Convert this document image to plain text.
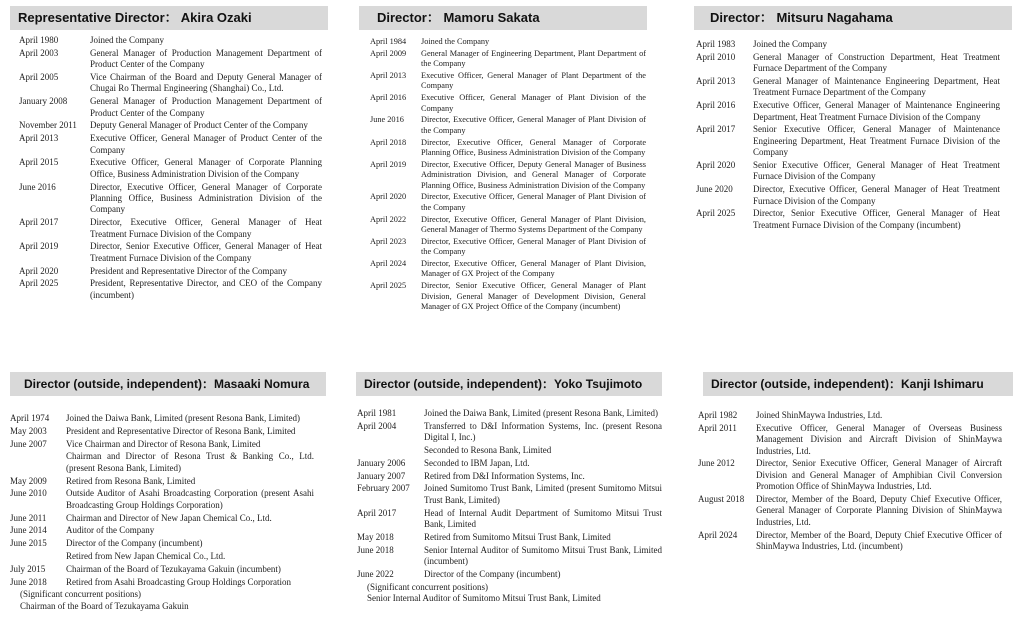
Representative Director： Akira Ozaki
April 1980	Joined the Company
April 2003	General Manager of Production Management Department of Product Center of the Company
April 2005	Vice Chairman of the Board and Deputy General Manager of Chugai Ro Thermal Engineering (Shanghai) Co., Ltd.
January 2008	General Manager of Production Management Department of Product Center of the Company
November 2011	Deputy General Manager of Product Center of the Company
April 2013	Executive Officer, General Manager of Product Center of the Company
April 2015	Executive Officer, General Manager of Corporate Planning Office, Business Administration Division of the Company
June 2016	Director, Executive Officer, General Manager of Corporate Planning Office, Business Administration Division of the Company
April 2017	Director, Executive Officer, General Manager of Heat Treatment Furnace Division of the Company
April 2019	Director, Senior Executive Officer, General Manager of Heat Treatment Furnace Division of the Company
April 2020	President and Representative Director of the Company
April 2025	President, Representative Director, and CEO of the Company (incumbent)
Director： Mamoru Sakata
April 1984	Joined the Company
April 2009	General Manager of Engineering Department, Plant Department of the Company
April 2013	Executive Officer, General Manager of Plant Department of the Company
April 2016	Executive Officer, General Manager of Plant Division of the Company
June 2016	Director, Executive Officer, General Manager of Plant Division of the Company
April 2018	Director, Executive Officer, General Manager of Corporate Planning Office, Business Administration Division of the Company
April 2019	Director, Executive Officer, Deputy General Manager of Business Administration Division, and General Manager of Corporate Planning Office, Business Administration Division of the Company
April 2020	Director, Executive Officer, General Manager of Plant Division of the Company
April 2022	Director, Executive Officer, General Manager of Plant Division, General Manager of Thermo Systems Department of the Company
April 2023	Director, Executive Officer, General Manager of Plant Division of the Company
April 2024	Director, Executive Officer, General Manager of Plant Division, Manager of GX Project of the Company
April 2025	Director, Senior Executive Officer, General Manager of Plant Division, General Manager of Development Division, General Manager of GX Project Office of the Company (incumbent)
Director： Mitsuru Nagahama
April 1983	Joined the Company
April 2010	General Manager of Construction Department, Heat Treatment Furnace Department of the Company
April 2013	General Manager of Maintenance Engineering Department, Heat Treatment Furnace Department of the Company
April 2016	Executive Officer, General Manager of Maintenance Engineering Department, Heat Treatment Furnace Division of the Company
April 2017	Senior Executive Officer, General Manager of Maintenance Engineering Department, Heat Treatment Furnace Division of the Company
April 2020	Senior Executive Officer, General Manager of Heat Treatment Furnace Division of the Company
June 2020	Director, Executive Officer, General Manager of Heat Treatment Furnace Division of the Company
April 2025	Director, Senior Executive Officer, General Manager of Heat Treatment Furnace Division of the Company (incumbent)
Director (outside, independent)：Masaaki Nomura
April 1974	Joined the Daiwa Bank, Limited (present Resona Bank, Limited)
May 2003	President and Representative Director of Resona Bank, Limited
June 2007	Vice Chairman and Director of Resona Bank, Limited
Chairman and Director of Resona Trust & Banking Co., Ltd. (present Resona Bank, Limited)
May 2009	Retired from Resona Bank, Limited
June 2010	Outside Auditor of Asahi Broadcasting Corporation (present Asahi Broadcasting Group Holdings Corporation)
June 2011	Chairman and Director of New Japan Chemical Co., Ltd.
June 2014	Auditor of the Company
June 2015	Director of the Company (incumbent)
Retired from New Japan Chemical Co., Ltd.
July 2015	Chairman of the Board of Tezukayama Gakuin (incumbent)
June 2018	Retired from Asahi Broadcasting Group Holdings Corporation
(Significant concurrent positions)
Chairman of the Board of Tezukayama Gakuin
Director (outside, independent)：Yoko Tsujimoto
April 1981	Joined the Daiwa Bank, Limited (present Resona Bank, Limited)
April 2004	Transferred to D&I Information Systems, Inc. (present Resona Digital I, Inc.)
Seconded to Resona Bank, Limited
January 2006	Seconded to IBM Japan, Ltd.
January 2007	Retired from D&I Information Systems, Inc.
February 2007	Joined Sumitomo Trust Bank, Limited (present Sumitomo Mitsui Trust Bank, Limited)
April 2017	Head of Internal Audit Department of Sumitomo Mitsui Trust Bank, Limited
May 2018	Retired from Sumitomo Mitsui Trust Bank, Limited
June 2018	Senior Internal Auditor of Sumitomo Mitsui Trust Bank, Limited (incumbent)
June 2022	Director of the Company (incumbent)
(Significant concurrent positions)
Senior Internal Auditor of Sumitomo Mitsui Trust Bank, Limited
Director (outside, independent)：Kanji Ishimaru
April 1982	Joined ShinMaywa Industries, Ltd.
April 2011	Executive Officer, General Manager of Overseas Business Management Division and Aircraft Division of ShinMaywa Industries, Ltd.
June 2012	Director, Senior Executive Officer, General Manager of Aircraft Division and General Manager of Amphibian Civil Conversion Promotion Office of ShinMaywa Industries, Ltd.
August 2018	Director, Member of the Board, Deputy Chief Executive Officer, General Manager of Corporate Planning Division of ShinMaywa Industries, Ltd.
April 2024	Director, Member of the Board, Deputy Chief Executive Officer of ShinMaywa Industries, Ltd. (incumbent)
